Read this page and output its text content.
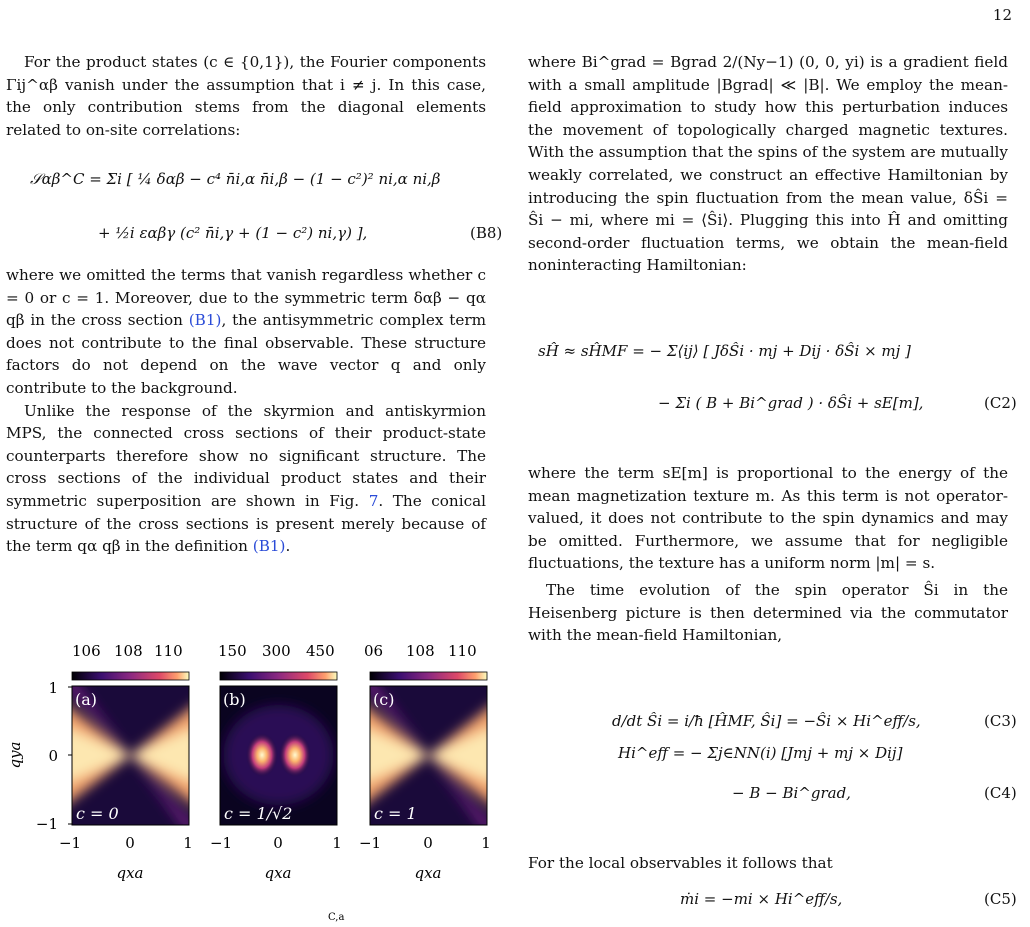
12

For the product states (c ∈ {0,1}), the Fourier components Γij^αβ vanish under the assumption that i ≠ j. In this case, the only contribution stems from the diagonal elements related to on-site correlations:

𝒮αβ^C = Σi [ ¼ δαβ − c⁴ n̄i,α n̄i,β − (1 − c²)² ni,α ni,β
+ ½i εαβγ (c² n̄i,γ + (1 − c²) ni,γ) ],	(B8)

where we omitted the terms that vanish regardless whether c = 0 or c = 1. Moreover, due to the symmetric term δαβ − qα qβ in the cross section (B1), the antisymmetric complex term does not contribute to the final observable. These structure factors do not depend on the wave vector q and only contribute to the background.

Unlike the response of the skyrmion and antiskyrmion MPS, the connected cross sections of their product-state counterparts therefore show no significant structure. The cross sections of the individual product states and their symmetric superposition are shown in Fig. 7. The conical structure of the cross sections is present merely because of the term qα qβ in the definition (B1).

106 108 110 150 300 450 06 108 110
(a)
c = 0
(b)
c = 1/√2
(c)
c = 1
1
0
−1
qya
−1	0	1 −1	0	1 −1	0	1
qxa	qxa	qxa
C,a

where Bi^grad = Bgrad 2/(Ny−1) (0, 0, yi) is a gradient field with a small amplitude |Bgrad| ≪ |B|. We employ the mean-field approximation to study how this perturbation induces the movement of topologically charged magnetic textures. With the assumption that the spins of the system are mutually weakly correlated, we construct an effective Hamiltonian by introducing the spin fluctuation from the mean value, δŜi = Ŝi − mi, where mi = ⟨Ŝi⟩. Plugging this into Ĥ and omitting second-order fluctuation terms, we obtain the mean-field noninteracting Hamiltonian:

sĤ ≈ sĤMF = − Σ⟨ij⟩ [ JδŜi · mj + Dij · δŜi × mj ]
− Σi ( B + Bi^grad ) · δŜi + sE[m],	(C2)

where the term sE[m] is proportional to the energy of the mean magnetization texture m. As this term is not operator-valued, it does not contribute to the spin dynamics and may be omitted. Furthermore, we assume that for negligible fluctuations, the texture has a uniform norm |m| = s.

The time evolution of the spin operator Ŝi in the Heisenberg picture is then determined via the commutator with the mean-field Hamiltonian,

d/dt Ŝi = i/ħ [ĤMF, Ŝi] = −Ŝi × Hi^eff/s,	(C3)
Hi^eff = − Σj∈NN(i) [Jmj + mj × Dij]
− B − Bi^grad,	(C4)

For the local observables it follows that

ṁi = −mi × Hi^eff/s,	(C5)
